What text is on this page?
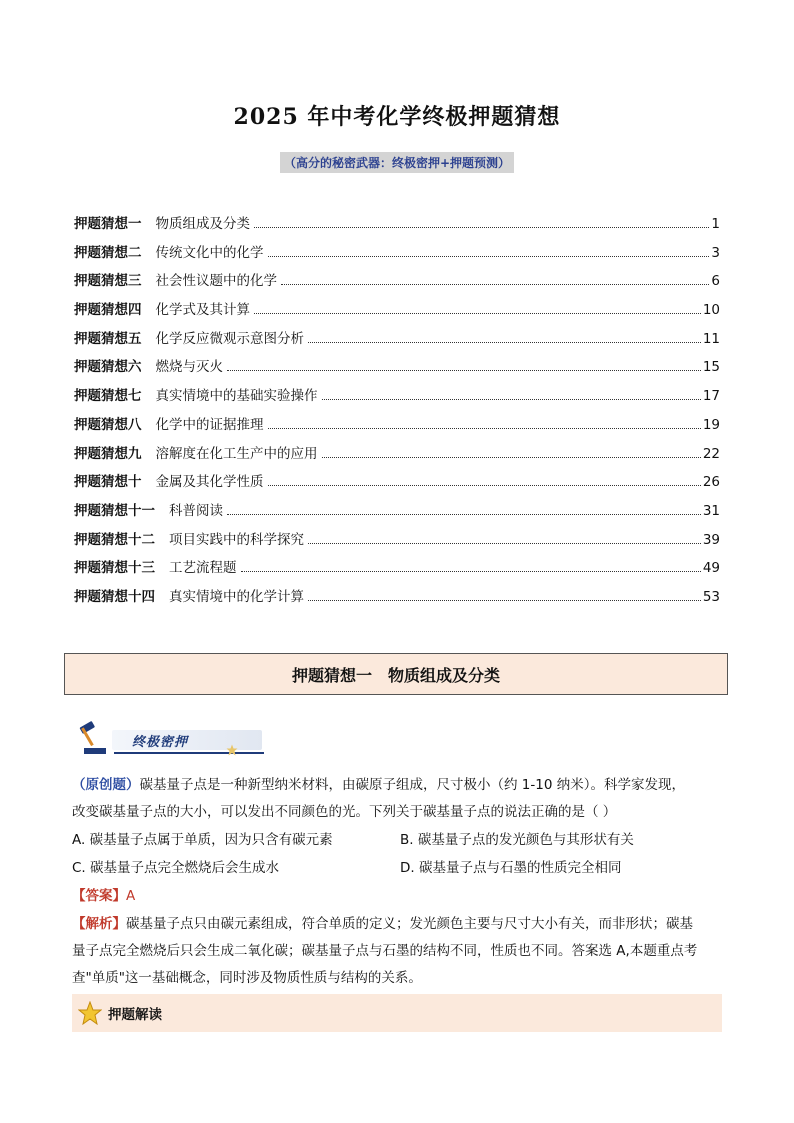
2025 年中考化学终极押题猜想
（高分的秘密武器：终极密押+押题预测）
押题猜想一 物质组成及分类	1
押题猜想二 传统文化中的化学	3
押题猜想三 社会性议题中的化学	6
押题猜想四 化学式及其计算	10
押题猜想五 化学反应微观示意图分析	11
押题猜想六 燃烧与灭火	15
押题猜想七 真实情境中的基础实验操作	17
押题猜想八 化学中的证据推理	19
押题猜想九 溶解度在化工生产中的应用	22
押题猜想十 金属及其化学性质	26
押题猜想十一 科普阅读	31
押题猜想十二 项目实践中的科学探究	39
押题猜想十三 工艺流程题	49
押题猜想十四 真实情境中的化学计算	53
押题猜想一　物质组成及分类
终极密押
（原创题）碳基量子点是一种新型纳米材料，由碳原子组成，尺寸极小（约 1-10 纳米）。科学家发现，
改变碳基量子点的大小，可以发出不同颜色的光。下列关于碳基量子点的说法正确的是（ ）
A. 碳基量子点属于单质，因为只含有碳元素	B. 碳基量子点的发光颜色与其形状有关
C. 碳基量子点完全燃烧后会生成水	D. 碳基量子点与石墨的性质完全相同
【答案】A
【解析】碳基量子点只由碳元素组成，符合单质的定义；发光颜色主要与尺寸大小有关，而非形状；碳基
量子点完全燃烧后只会生成二氧化碳；碳基量子点与石墨的结构不同，性质也不同。答案选 A,本题重点考
查"单质"这一基础概念，同时涉及物质性质与结构的关系。
押题解读
